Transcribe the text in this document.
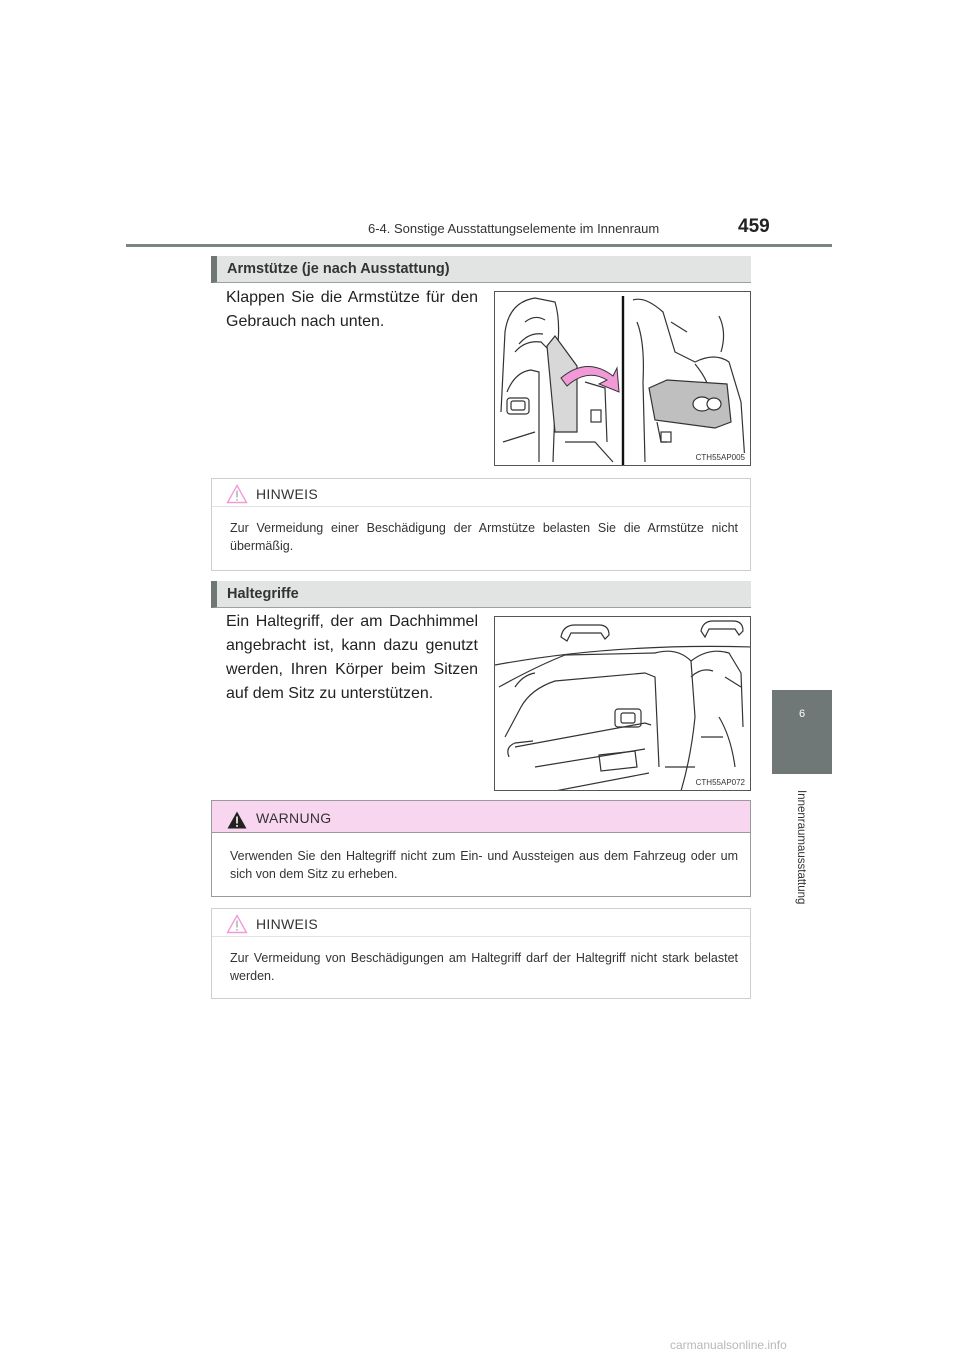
6-4. Sonstige Ausstattungselemente im Innenraum	459
6
Innenraumausstattung
Armstütze (je nach Ausstattung)
Klappen Sie die Armstütze für den Gebrauch nach unten.
CTH55AP005
HINWEIS
Zur Vermeidung einer Beschädigung der Armstütze belasten Sie die Armstütze nicht übermäßig.
Haltegriffe
Ein Haltegriff, der am Dachhimmel angebracht ist, kann dazu genutzt werden, Ihren Körper beim Sitzen auf dem Sitz zu unterstützen.
CTH55AP072
WARNUNG
Verwenden Sie den Haltegriff nicht zum Ein- und Aussteigen aus dem Fahrzeug oder um sich von dem Sitz zu erheben.
HINWEIS
Zur Vermeidung von Beschädigungen am Haltegriff darf der Haltegriff nicht stark belastet werden.
carmanualsonline.info
